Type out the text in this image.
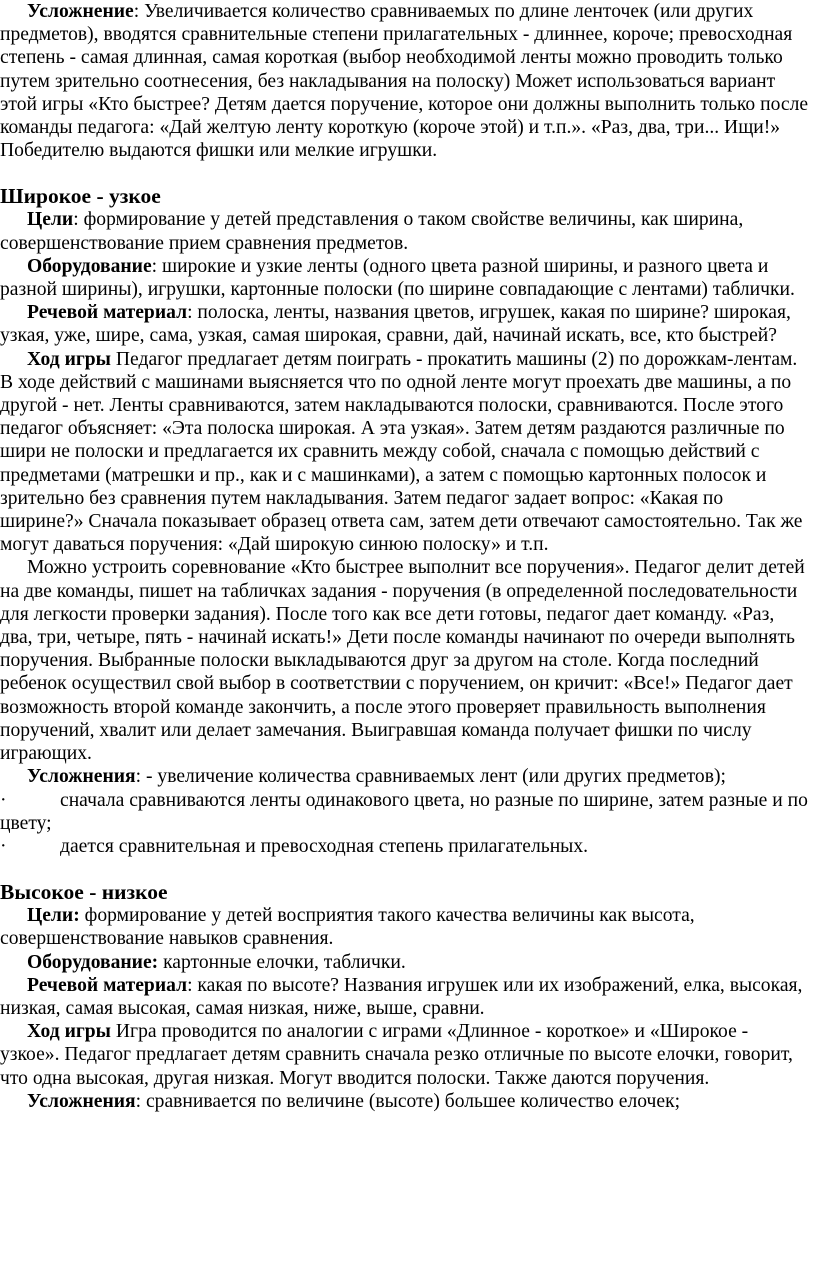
Усложнение: Увеличивается количество сравниваемых по длине ленточек (или других предметов), вводятся сравнительные степени прилагательных - длиннее, короче; превосходная степень - самая длинная, самая короткая (выбор необходимой ленты можно проводить только путем зрительно соотнесения, без накладывания на полоску) Может использоваться вариант этой игры «Кто быстрее? Детям дается поручение, которое они должны выполнить только после команды педагога: «Дай желтую ленту короткую (короче этой) и т.п.». «Раз, два, три... Ищи!» Победителю выдаются фишки или мелкие игрушки.

Широкое - узкое

Цели: формирование у детей представления о таком свойстве величины, как ширина, совершенствование прием сравнения предметов.

Оборудование: широкие и узкие ленты (одного цвета разной ширины, и разного цвета и разной ширины), игрушки, картонные полоски (по ширине совпадающие с лентами) таблички.

Речевой материал: полоска, ленты, названия цветов, игрушек, какая по ширине? широкая, узкая, уже, шире, сама, узкая, самая широкая, сравни, дай, начинай искать, все, кто быстрей?

Ход игры Педагог предлагает детям поиграть - прокатить машины (2) по дорожкам-лентам. В ходе действий с машинами выясняется что по одной ленте могут проехать две машины, а по другой - нет. Ленты сравниваются, затем накладываются полоски, сравниваются. После этого педагог объясняет: «Эта полоска широкая. А эта узкая». Затем детям раздаются различные по шири не полоски и предлагается их сравнить между собой, сначала с помощью действий с предметами (матрешки и пр., как и с машинками), а затем с помощью картонных полосок и зрительно без сравнения путем накладывания. Затем педагог задает вопрос: «Какая по ширине?» Сначала показывает образец ответа сам, затем дети отвечают самостоятельно. Так же могут даваться поручения: «Дай широкую синюю полоску» и т.п.

Можно устроить соревнование «Кто быстрее выполнит все поручения». Педагог делит детей на две команды, пишет на табличках задания - поручения (в определенной последовательности для легкости проверки задания). После того как все дети готовы, педагог дает команду. «Раз, два, три, четыре, пять - начинай искать!» Дети после команды начинают по очереди выполнять поручения. Выбранные полоски выкладываются друг за другом на столе. Когда последний ребенок осуществил свой выбор в соответствии с поручением, он кричит: «Все!» Педагог дает возможность второй команде закончить, а после этого проверяет правильность выполнения поручений, хвалит или делает замечания. Выигравшая команда получает фишки по числу играющих.

Усложнения: - увеличение количества сравниваемых лент (или других предметов);

·	сначала сравниваются ленты одинакового цвета, но разные по ширине, затем разные и по цвету;

·	дается сравнительная и превосходная степень прилагательных.

Высокое - низкое

Цели: формирование у детей восприятия такого качества величины как высота, совершенствование навыков сравнения.

Оборудование: картонные елочки, таблички.

Речевой материал: какая по высоте? Названия игрушек или их изображений, елка, высокая, низкая, самая высокая, самая низкая, ниже, выше, сравни.

Ход игры Игра проводится по аналогии с играми «Длинное - короткое» и «Широкое - узкое». Педагог предлагает детям сравнить сначала резко отличные по высоте елочки, говорит, что одна высокая, другая низкая. Могут вводится полоски. Также даются поручения.

Усложнения: сравнивается по величине (высоте) большее количество елочек;
